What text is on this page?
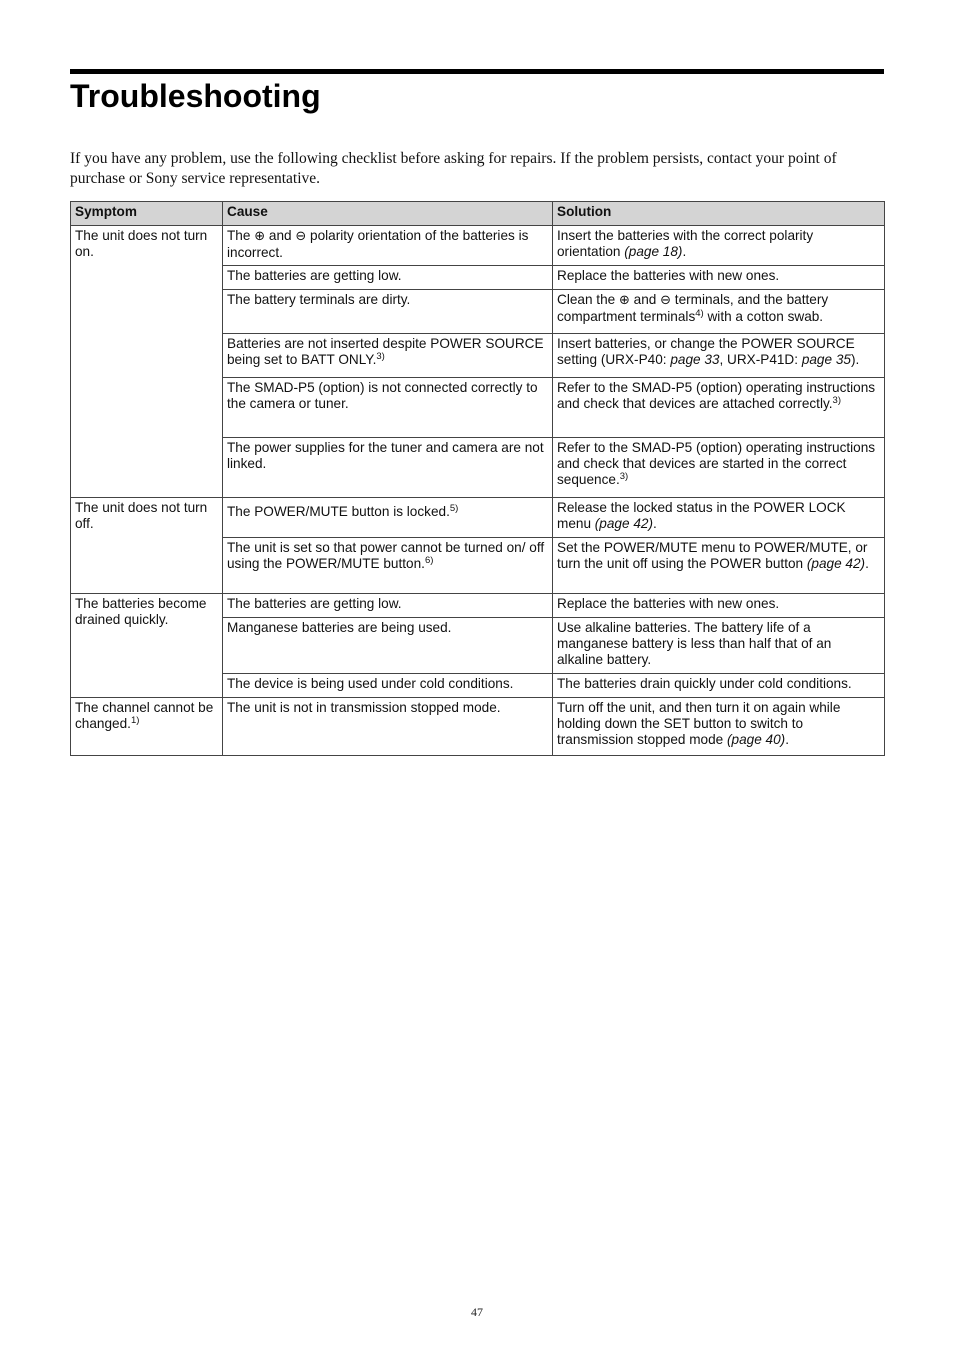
Troubleshooting

If you have any problem, use the following checklist before asking for repairs. If the problem persists, contact your point of purchase or Sony service representative.

Symptom	Cause	Solution
The unit does not turn on.	The ⊕ and ⊖ polarity orientation of the batteries is incorrect.	Insert the batteries with the correct polarity orientation (page 18).
	The batteries are getting low.	Replace the batteries with new ones.
	The battery terminals are dirty.	Clean the ⊕ and ⊖ terminals, and the battery compartment terminals$^{4)}$ with a cotton swab.
	Batteries are not inserted despite POWER SOURCE being set to BATT ONLY.$^{3)}$	Insert batteries, or change the POWER SOURCE setting (URX-P40: page 33, URX-P41D: page 35).
	The SMAD-P5 (option) is not connected correctly to the camera or tuner.	Refer to the SMAD-P5 (option) operating instructions and check that devices are attached correctly.$^{3)}$
	The power supplies for the tuner and camera are not linked.	Refer to the SMAD-P5 (option) operating instructions and check that devices are started in the correct sequence.$^{3)}$
The unit does not turn off.	The POWER/MUTE button is locked.$^{5)}$	Release the locked status in the POWER LOCK menu (page 42).
	The unit is set so that power cannot be turned on/ off using the POWER/MUTE button.$^{6)}$	Set the POWER/MUTE menu to POWER/MUTE, or turn the unit off using the POWER button (page 42).
The batteries become drained quickly.	The batteries are getting low.	Replace the batteries with new ones.
	Manganese batteries are being used.	Use alkaline batteries. The battery life of a manganese battery is less than half that of an alkaline battery.
	The device is being used under cold conditions.	The batteries drain quickly under cold conditions.
The channel cannot be changed.$^{1)}$	The unit is not in transmission stopped mode.	Turn off the unit, and then turn it on again while holding down the SET button to switch to transmission stopped mode (page 40).
47
